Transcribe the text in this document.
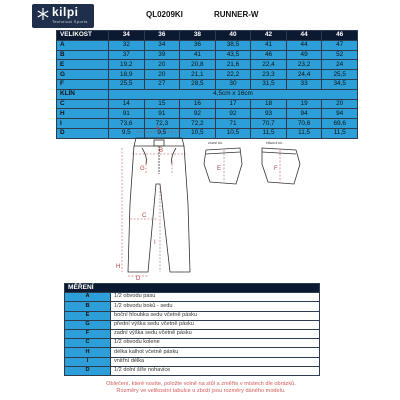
kilpi
Technical Sports
QL0209KI	RUNNER-W
VELIKOST	34	36	38	40	42	44	46
A	32	34	36	38,5	41	44	47
B	37	39	41	43,5	46	49	52
E	19,2	20	20,8	21,6	22,4	23,2	24
G	18,9	20	21,1	22,2	23,3	24,4	25,5
F	25,5	27	28,5	30	31,5	33	34,5
KLÍN	4,5cm x 16cm						
C	14	15	16	17	18	19	20
H	91	91	92	92	93	94	94
I	73,6	72,3	72,2	71	70,7	70,6	69,6
D	9,5	9,5	10,5	10,5	11,5	11,5	11,5
ZADNÍ DÍL	PŘEDNÍ DÍL
A
B
G	E	F
C
H
I
D
MĚŘENÍ	
A	1/2 obvodu pasu
B	1/2 obvodu boků - sedu
E	boční hloubka sedu včetně pásku
G	přední výška sedu včetně pásku
F	zadní výška sedu včetně pásku
C	1/2 obvodu kolene
H	délka kalhot včetně pásku
I	vnitřní délka
D	1/2 dolní šíře nohavice
Oblečení, které nosíte, položte volně na stůl a změřte v místech dle obrázků.
Rozměry ve velikostní tabulce u zboží jsou rozměry daného modelu.
